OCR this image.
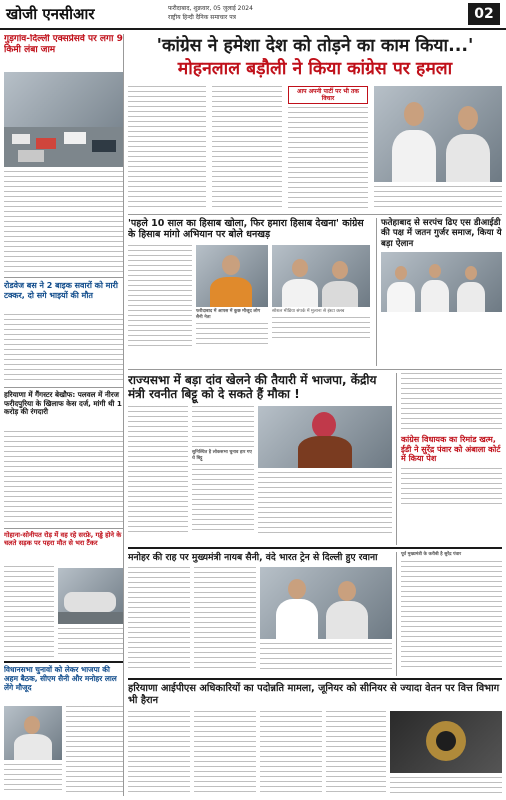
खोजी एनसीआर	फरीदाबाद, शुक्रवार, 05 जुलाई 2024
राष्ट्रीय हिन्दी दैनिक समाचार पत्र	02
गुड़गांव-दिल्ली एक्सप्रेसवे पर लगा 9 किमी लंबा जाम
रोडवेज बस ने 2 बाइक सवारों को मारी टक्कर, दो सगे भाइयों की मौत
हरियाणा में गैंगस्टर बेखौफ: पलवल में नीरज फरीदपुरिया के खिलाफ केस दर्ज, मांगी थी 1 करोड़ की रंगदारी
गोहाना-सोनीपत रोड़ में वह रहे सरफ्रे, गड्ढे होने के चलते सड़क पर पहरा मौत से भरा टैंकर
विधानसभा चुनावों को लेकर भाजपा की अहम बैठक, सीएम सैनी और मनोहर लाल लेंगे मौजूद
'कांग्रेस ने हमेशा देश को तोड़ने का काम किया...'
मोहनलाल बड़ौली ने किया कांग्रेस पर हमला
आप अपनी पार्टी पर भी तक विचार
'पहले 10 साल का हिसाब खोला, फिर हमारा हिसाब देखना' कांग्रेस के हिसाब मांगो अभियान पर बोले धनखड़
फरीदाबाद में आपस में कुछ मौजूद लोग सैनी नेता
सोशल मीडिया संपर्क में मुलाना से इंस्टा क्लब
फतेहाबाद से सरपंच ढिए एस डीआईडी की पक्ष में जतन गुर्जर समाज, किया ये बड़ा ऐलान
राज्यसभा में बड़ा दांव खेलने की तैयारी में भाजपा, केंद्रीय मंत्री रवनीत बिट्टू को दे सकते हैं मौका !
सुनिश्चित है लोकसभा चुनाव हार गए थे बिट्टू
कांग्रेस विधायक का रिमांड खत्म, ईडी ने सुरेंद्र पंवार को अंबाला कोर्ट में किया पेश
मनोहर की राह पर मुख्यमंत्री नायब सैनी, वंदे भारत ट्रेन से दिल्ली हुए रवाना	पूर्व मुख्यमंत्री के करीबी है सुरेंद्र पंवार
हरियाणा आईपीएस अधिकारियों का पदोन्नति मामला, जूनियर को सीनियर से ज्यादा वेतन पर वित्त विभाग भी हैरान
